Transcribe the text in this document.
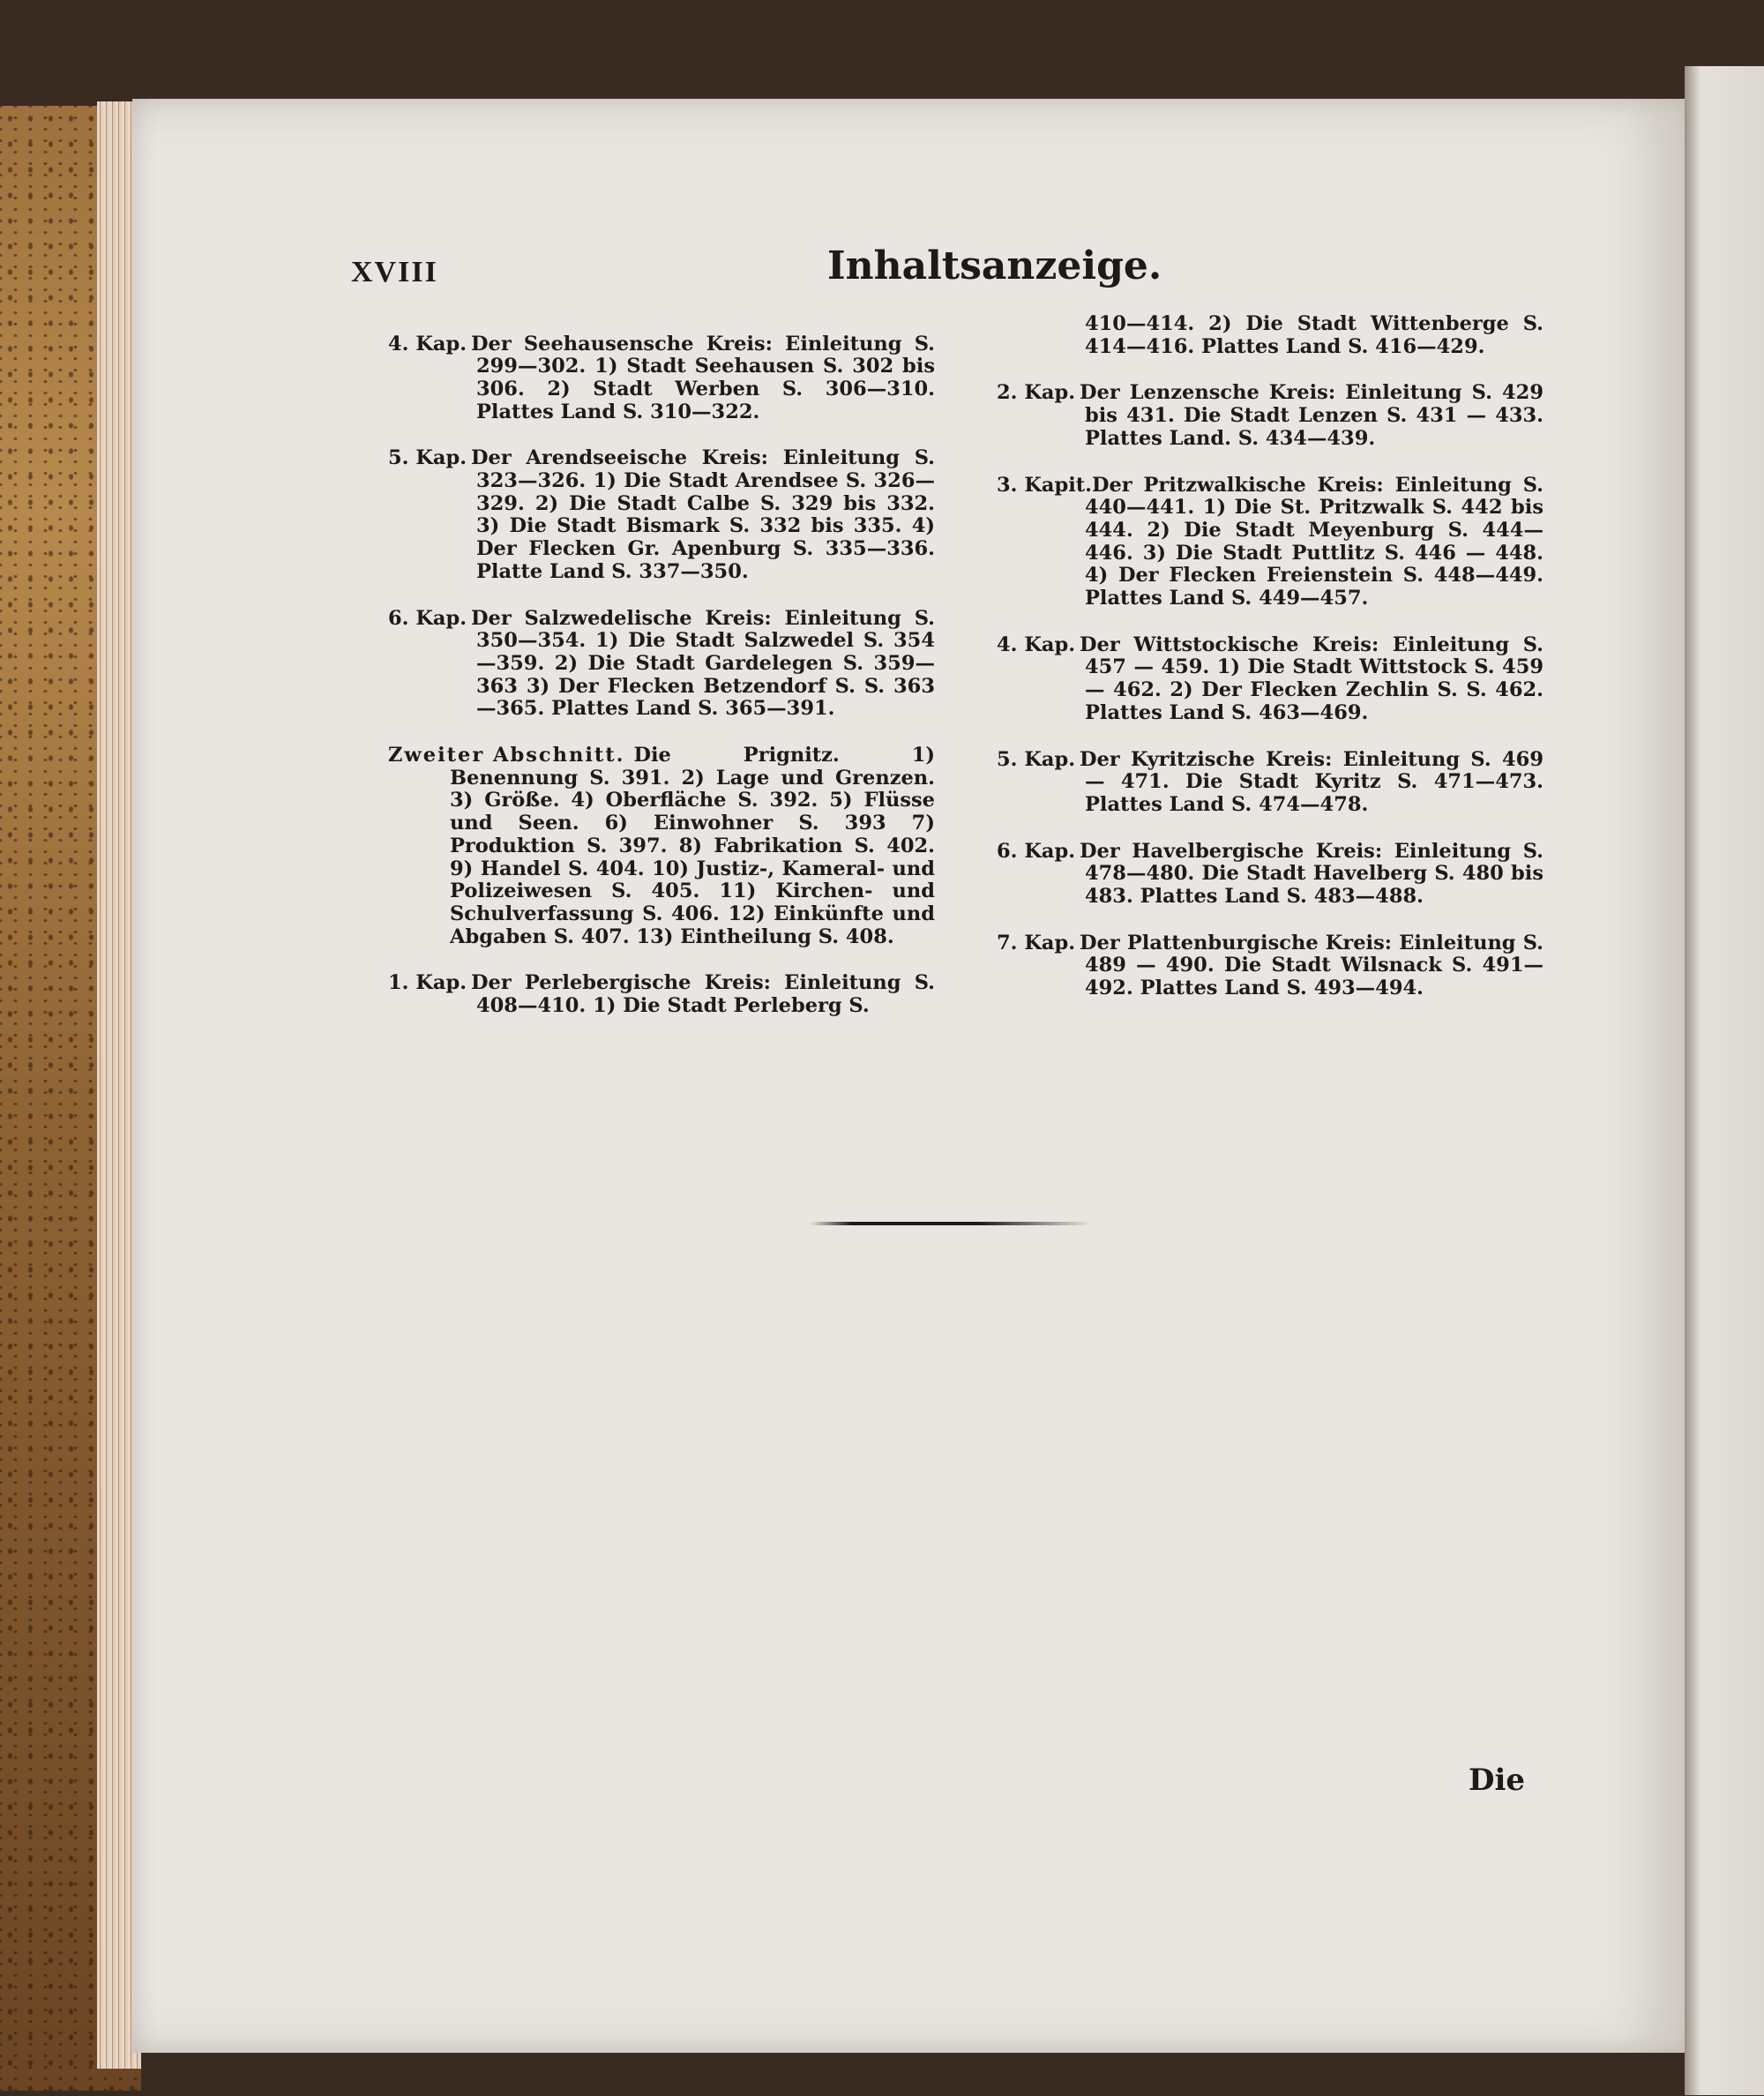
XVIII	Inhaltsanzeige.

4. Kap. Der Seehausensche Kreis: Einleitung S. 299—302. 1) Stadt Seehausen S. 302 bis 306. 2) Stadt Werben S. 306—310. Plattes Land S. 310—322.

5. Kap. Der Arendseeische Kreis: Einleitung S. 323—326. 1) Die Stadt Arendsee S. 326—329. 2) Die Stadt Calbe S. 329 bis 332. 3) Die Stadt Bismark S. 332 bis 335. 4) Der Flecken Gr. Apenburg S. 335—336. Platte Land S. 337—350.

6. Kap. Der Salzwedelische Kreis: Einleitung S. 350—354. 1) Die Stadt Salzwedel S. 354—359. 2) Die Stadt Gardelegen S. 359—363 3) Der Flecken Betzendorf S. S. 363—365. Plattes Land S. 365—391.

Zweiter Abschnitt. Die Prignitz. 1) Benennung S. 391. 2) Lage und Grenzen. 3) Größe. 4) Oberfläche S. 392. 5) Flüsse und Seen. 6) Einwohner S. 393 7) Produktion S. 397. 8) Fabrikation S. 402. 9) Handel S. 404. 10) Justiz-, Kameral- und Polizeiwesen S. 405. 11) Kirchen- und Schulverfassung S. 406. 12) Einkünfte und Abgaben S. 407. 13) Eintheilung S. 408.

1. Kap. Der Perlebergische Kreis: Einleitung S. 408—410. 1) Die Stadt Perleberg S.

410—414. 2) Die Stadt Wittenberge S. 414—416. Plattes Land S. 416—429.

2. Kap. Der Lenzensche Kreis: Einleitung S. 429 bis 431. Die Stadt Lenzen S. 431 — 433. Plattes Land. S. 434—439.

3. Kapit.Der Pritzwalkische Kreis: Einleitung S. 440—441. 1) Die St. Pritzwalk S. 442 bis 444. 2) Die Stadt Meyenburg S. 444—446. 3) Die Stadt Puttlitz S. 446 — 448. 4) Der Flecken Freienstein S. 448—449. Plattes Land S. 449—457.

4. Kap. Der Wittstockische Kreis: Einleitung S. 457 — 459. 1) Die Stadt Wittstock S. 459 — 462. 2) Der Flecken Zechlin S. S. 462. Plattes Land S. 463—469.

5. Kap. Der Kyritzische Kreis: Einleitung S. 469 — 471. Die Stadt Kyritz S. 471—473. Plattes Land S. 474—478.

6. Kap. Der Havelbergische Kreis: Einleitung S. 478—480. Die Stadt Havelberg S. 480 bis 483. Plattes Land S. 483—488.

7. Kap. Der Plattenburgische Kreis: Einleitung S. 489 — 490. Die Stadt Wilsnack S. 491—492. Plattes Land S. 493—494.

Die
